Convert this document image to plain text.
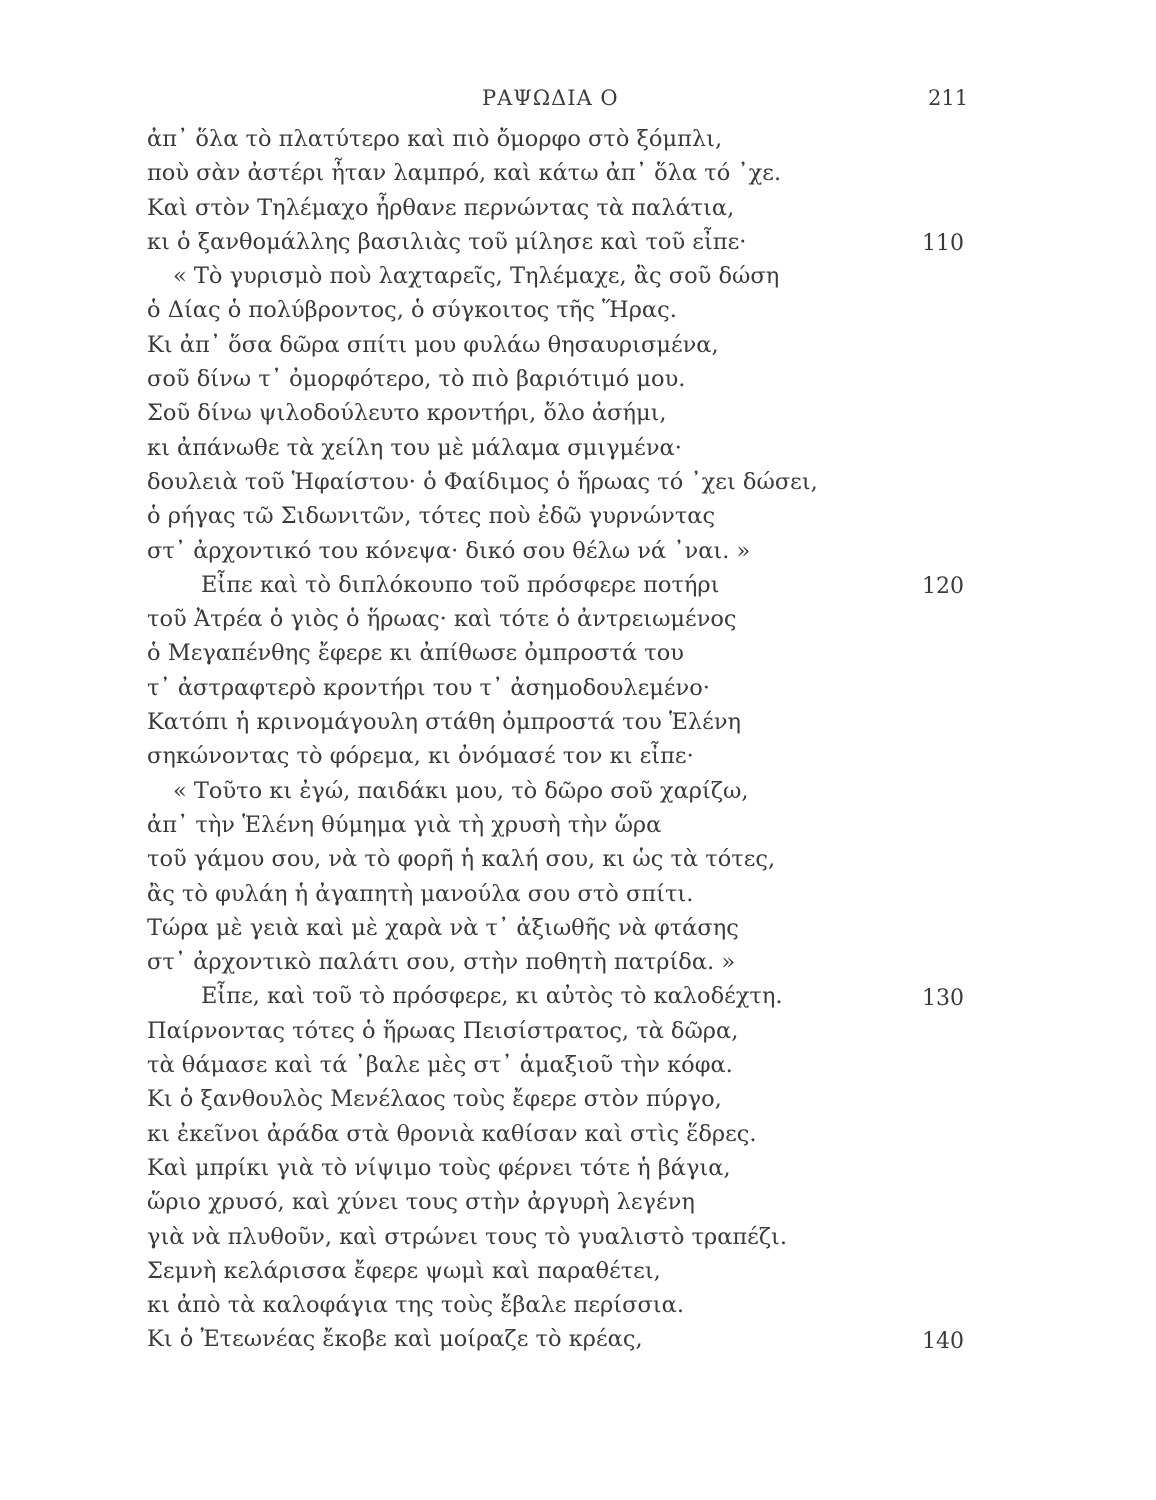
ΡΑΨΩΔΙΑ Ο	211
ἀπ᾿ ὅλα τὸ πλατύτερο καὶ πιὸ ὄμορφο στὸ ξόμπλι,
ποὺ σὰν ἀστέρι ἦταν λαμπρό, καὶ κάτω ἀπ᾿ ὅλα τό ᾿χε.
Καὶ στὸν Τηλέμαχο ἦρθανε περνώντας τὰ παλάτια,
κι ὁ ξανθομάλλης βασιλιὰς τοῦ μίλησε καὶ τοῦ εἶπε·
« Τὸ γυρισμὸ ποὺ λαχταρεῖς, Τηλέμαχε, ἂς σοῦ δώση
ὁ Δίας ὁ πολύβροντος, ὁ σύγκοιτος τῆς Ἥρας.
Κι ἀπ᾿ ὅσα δῶρα σπίτι μου φυλάω θησαυρισμένα,
σοῦ δίνω τ᾿ ὀμορφότερο, τὸ πιὸ βαριότιμό μου.
Σοῦ δίνω ψιλοδούλευτο κροντήρι, ὅλο ἀσήμι,
κι ἀπάνωθε τὰ χείλη του μὲ μάλαμα σμιγμένα·
δουλειὰ τοῦ Ἡφαίστου· ὁ Φαίδιμος ὁ ἥρωας τό ᾿χει δώσει,
ὁ ρήγας τῶ Σιδωνιτῶν, τότες ποὺ ἐδῶ γυρνώντας
στ᾿ ἀρχοντικό του κόνεψα· δικό σου θέλω νά ᾿ναι. »
Εἶπε καὶ τὸ διπλόκουπο τοῦ πρόσφερε ποτήρι
τοῦ Ἀτρέα ὁ γιὸς ὁ ἥρωας· καὶ τότε ὁ ἀντρειωμένος
ὁ Μεγαπένθης ἔφερε κι ἀπίθωσε ὀμπροστά του
τ᾿ ἀστραφτερὸ κροντήρι του τ᾿ ἀσημοδουλεμένο·
Κατόπι ἡ κρινομάγουλη στάθη ὀμπροστά του Ἑλένη
σηκώνοντας τὸ φόρεμα, κι ὀνόμασέ τον κι εἶπε·
« Τοῦτο κι ἐγώ, παιδάκι μου, τὸ δῶρο σοῦ χαρίζω,
ἀπ᾿ τὴν Ἑλένη θύμημα γιὰ τὴ χρυσὴ τὴν ὥρα
τοῦ γάμου σου, νὰ τὸ φορῆ ἡ καλή σου, κι ὡς τὰ τότες,
ἂς τὸ φυλάη ἡ ἀγαπητὴ μανούλα σου στὸ σπίτι.
Τώρα μὲ γειὰ καὶ μὲ χαρὰ νὰ τ᾿ ἀξιωθῆς νὰ φτάσης
στ᾿ ἀρχοντικὸ παλάτι σου, στὴν ποθητὴ πατρίδα. »
Εἶπε, καὶ τοῦ τὸ πρόσφερε, κι αὐτὸς τὸ καλοδέχτη.
Παίρνοντας τότες ὁ ἥρωας Πεισίστρατος, τὰ δῶρα,
τὰ θάμασε καὶ τά ᾿βαλε μὲς στ᾿ ἁμαξιοῦ τὴν κόφα.
Κι ὁ ξανθουλὸς Μενέλαος τοὺς ἔφερε στὸν πύργο,
κι ἐκεῖνοι ἀράδα στὰ θρονιὰ καθίσαν καὶ στὶς ἕδρες.
Καὶ μπρίκι γιὰ τὸ νίψιμο τοὺς φέρνει τότε ἡ βάγια,
ὥριο χρυσό, καὶ χύνει τους στὴν ἀργυρὴ λεγένη
γιὰ νὰ πλυθοῦν, καὶ στρώνει τους τὸ γυαλιστὸ τραπέζι.
Σεμνὴ κελάρισσα ἔφερε ψωμὶ καὶ παραθέτει,
κι ἀπὸ τὰ καλοφάγια της τοὺς ἔβαλε περίσσια.
Κι ὁ Ἐτεωνέας ἔκοβε καὶ μοίραζε τὸ κρέας,
110
120
130
140
